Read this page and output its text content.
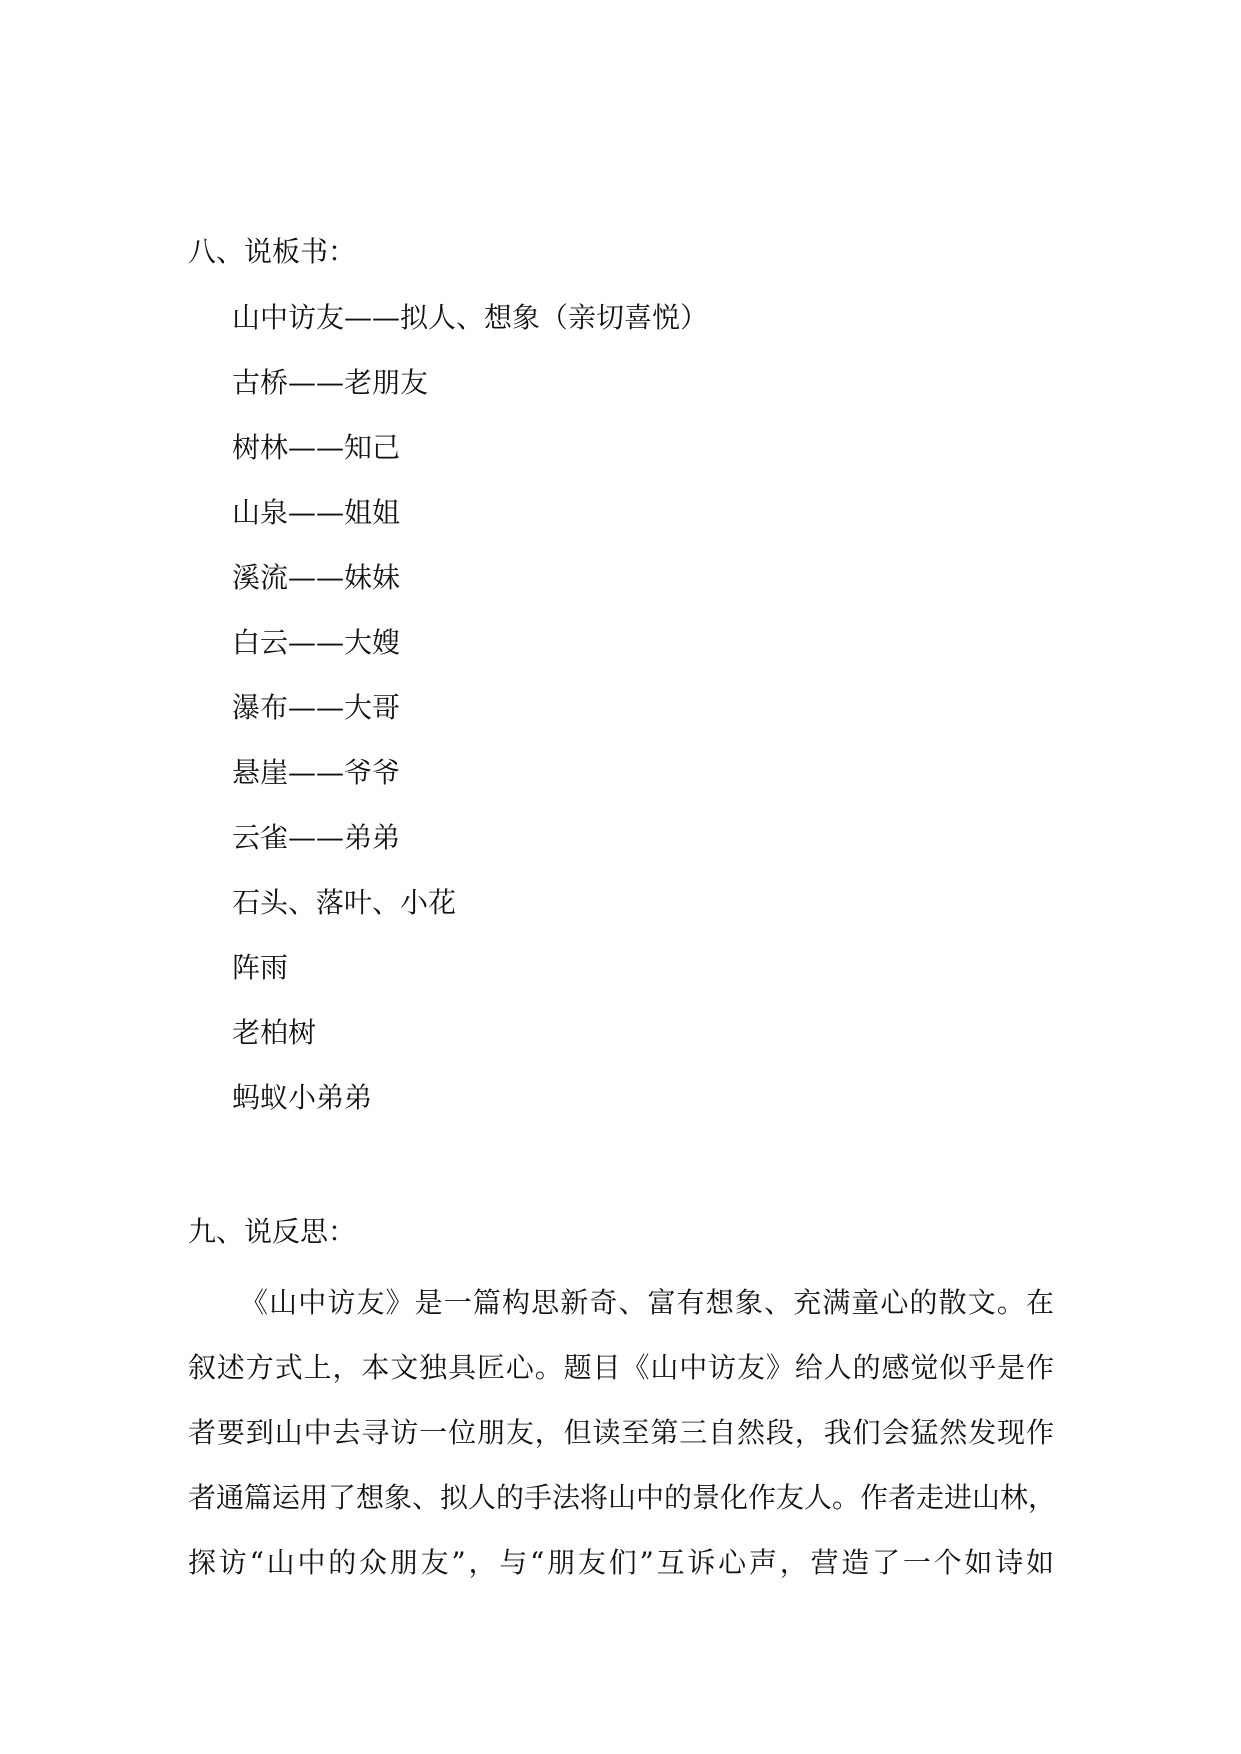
八、说板书：
山中访友——拟人、想象（亲切喜悦）
古桥——老朋友
树林——知己
山泉——姐姐
溪流——妹妹
白云——大嫂
瀑布——大哥
悬崖——爷爷
云雀——弟弟
石头、落叶、小花
阵雨
老柏树
蚂蚁小弟弟
九、说反思：
《山中访友》是一篇构思新奇、富有想象、充满童心的散文。在
叙述方式上，本文独具匠心。题目《山中访友》给人的感觉似乎是作
者要到山中去寻访一位朋友，但读至第三自然段，我们会猛然发现作
者通篇运用了想象、拟人的手法将山中的景化作友人。作者走进山林，
探访“山中的众朋友”，与“朋友们”互诉心声，营造了一个如诗如
